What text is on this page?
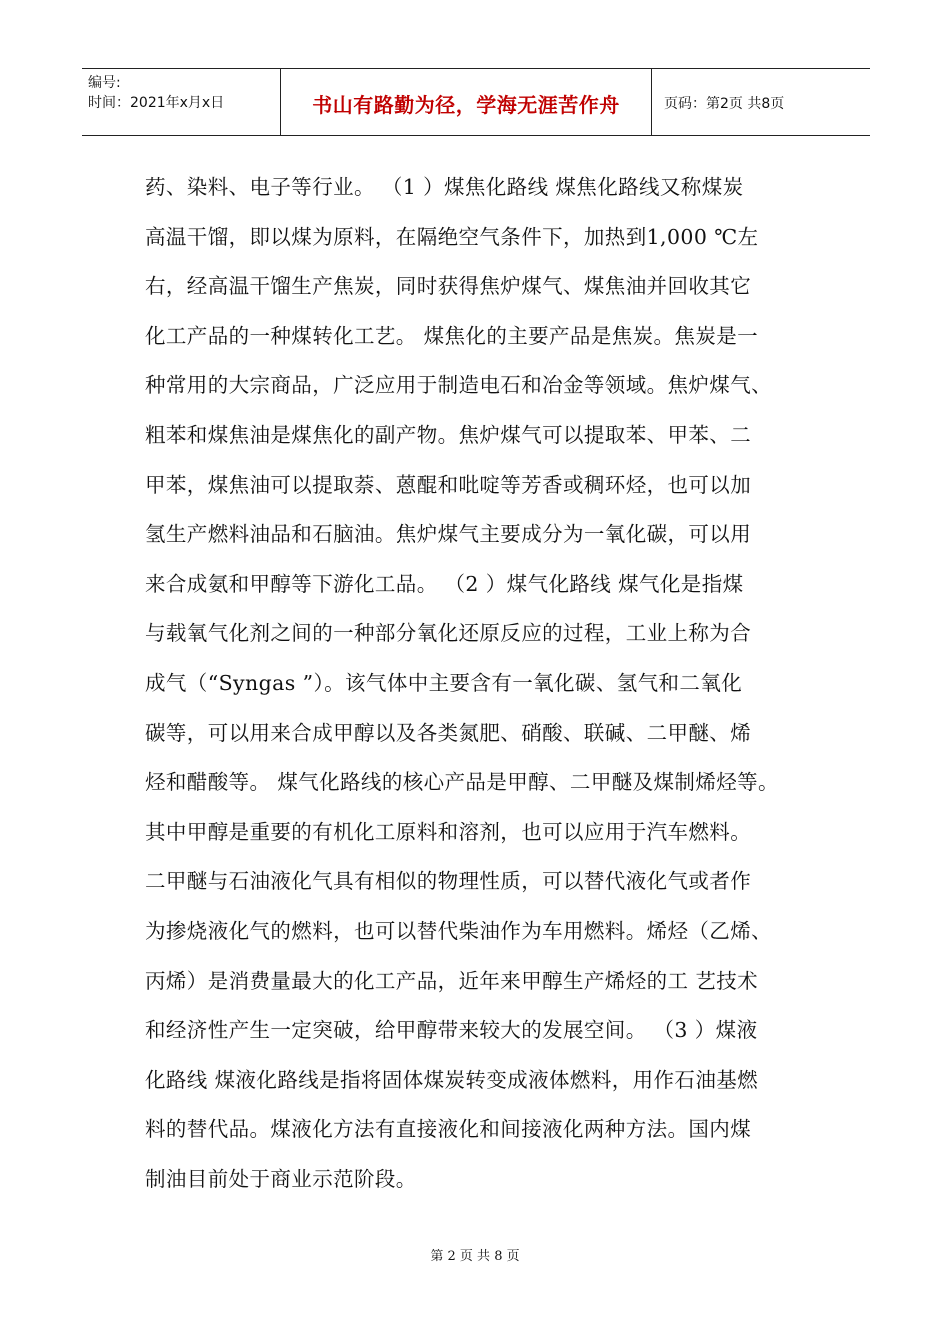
编号:
时间：2021年x月x日	书山有路勤为径，学海无涯苦作舟	页码：第2页 共8页
药、染料、电子等行业。 （1 ）煤焦化路线 煤焦化路线又称煤炭
高温干馏，即以煤为原料，在隔绝空气条件下，加热到1,000 ℃左
右，经高温干馏生产焦炭，同时获得焦炉煤气、煤焦油并回收其它
化工产品的一种煤转化工艺。 煤焦化的主要产品是焦炭。焦炭是一
种常用的大宗商品，广泛应用于制造电石和冶金等领域。焦炉煤气、
粗苯和煤焦油是煤焦化的副产物。焦炉煤气可以提取苯、甲苯、二
甲苯，煤焦油可以提取萘、蒽醌和吡啶等芳香或稠环烃，也可以加
氢生产燃料油品和石脑油。焦炉煤气主要成分为一氧化碳，可以用
来合成氨和甲醇等下游化工品。 （2 ）煤气化路线 煤气化是指煤
与载氧气化剂之间的一种部分氧化还原反应的过程，工业上称为合
成气（“Syngas ”）。该气体中主要含有一氧化碳、氢气和二氧化
碳等，可以用来合成甲醇以及各类氮肥、硝酸、联碱、二甲醚、烯
烃和醋酸等。 煤气化路线的核心产品是甲醇、二甲醚及煤制烯烃等。
其中甲醇是重要的有机化工原料和溶剂，也可以应用于汽车燃料。
二甲醚与石油液化气具有相似的物理性质，可以替代液化气或者作
为掺烧液化气的燃料，也可以替代柴油作为车用燃料。烯烃（乙烯、
丙烯）是消费量最大的化工产品，近年来甲醇生产烯烃的工 艺技术
和经济性产生一定突破，给甲醇带来较大的发展空间。 （3 ）煤液
化路线 煤液化路线是指将固体煤炭转变成液体燃料，用作石油基燃
料的替代品。煤液化方法有直接液化和间接液化两种方法。国内煤
制油目前处于商业示范阶段。
第 2 页 共 8 页
